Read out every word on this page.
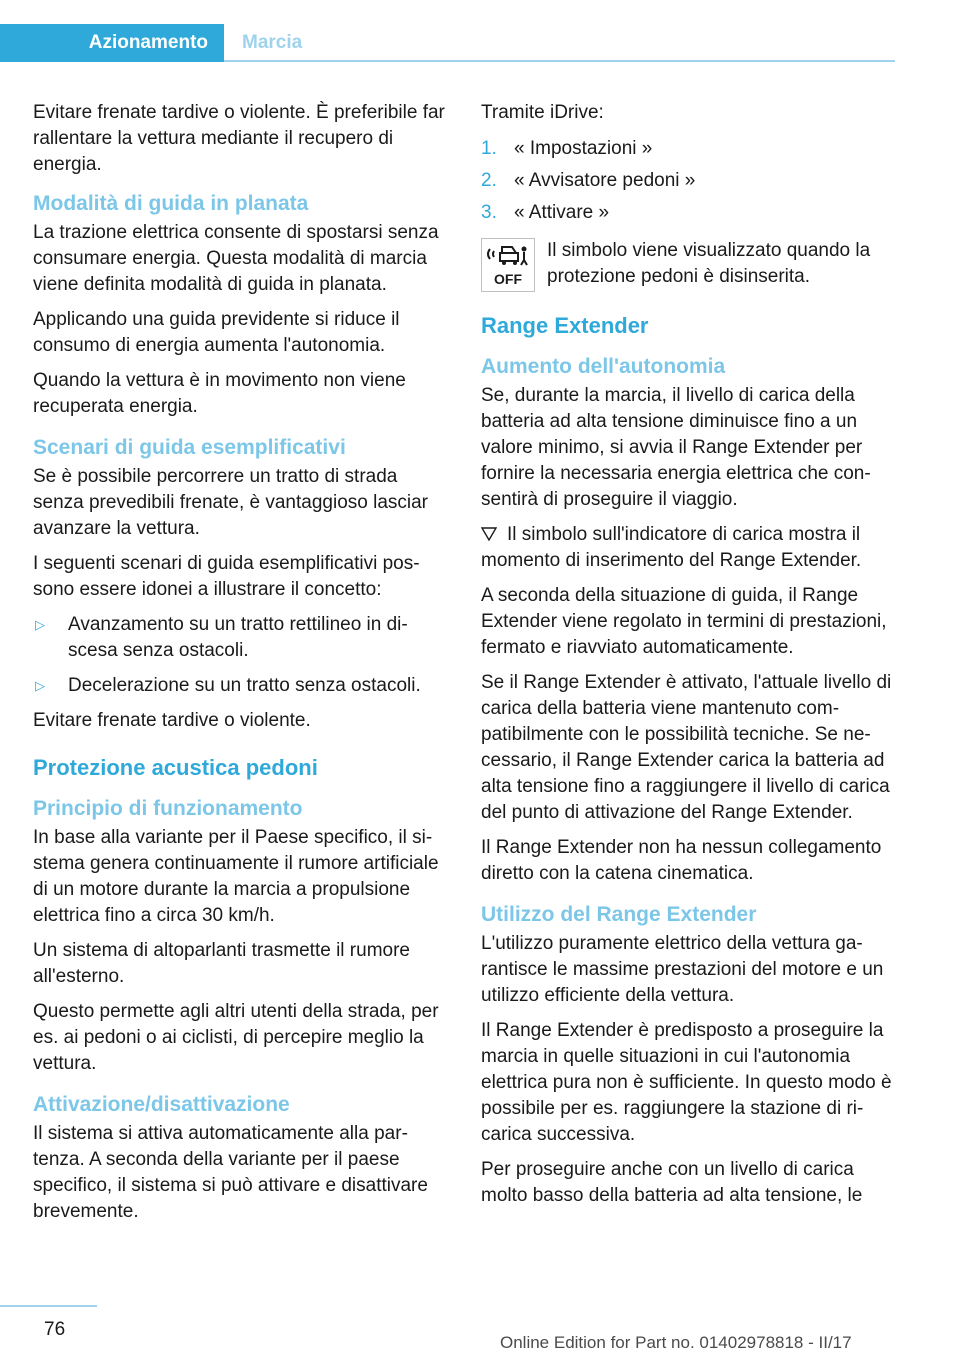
Azionamento	Marcia

Evitare frenate tardive o violente. È preferibile far rallentare la vettura mediante il recupero di energia.

Modalità di guida in planata

La trazione elettrica consente di spostarsi senza consumare energia. Questa modalità di marcia viene definita modalità di guida in planata.

Applicando una guida previdente si riduce il consumo di energia aumenta l'autonomia.

Quando la vettura è in movimento non viene recuperata energia.

Scenari di guida esemplificativi

Se è possibile percorrere un tratto di strada senza prevedibili frenate, è vantaggioso lasciar avanzare la vettura.

I seguenti scenari di guida esemplificativi possono essere idonei a illustrare il concetto:

▷	Avanzamento su un tratto rettilineo in discesa senza ostacoli.
▷	Decelerazione su un tratto senza ostacoli.

Evitare frenate tardive o violente.

Protezione acustica pedoni
Principio di funzionamento

In base alla variante per il Paese specifico, il sistema genera continuamente il rumore artificiale di un motore durante la marcia a propulsione elettrica fino a circa 30 km/h.

Un sistema di altoparlanti trasmette il rumore all'esterno.

Questo permette agli altri utenti della strada, per es. ai pedoni o ai ciclisti, di percepire meglio la vettura.

Attivazione/disattivazione

Il sistema si attiva automaticamente alla partenza. A seconda della variante per il paese specifico, il sistema si può attivare e disattivare brevemente.

Tramite iDrive:

1. « Impostazioni »
2. « Avvisatore pedoni »
3. « Attivare »
OFF
Il simbolo viene visualizzato quando la protezione pedoni è disinserita.
Range Extender
Aumento dell'autonomia

Se, durante la marcia, il livello di carica della batteria ad alta tensione diminuisce fino a un valore minimo, si avvia il Range Extender per fornire la necessaria energia elettrica che consentirà di proseguire il viaggio.

Il simbolo sull'indicatore di carica mostra il momento di inserimento del Range Extender.

A seconda della situazione di guida, il Range Extender viene regolato in termini di prestazioni, fermato e riavviato automaticamente.

Se il Range Extender è attivato, l'attuale livello di carica della batteria viene mantenuto compatibilmente con le possibilità tecniche. Se necessario, il Range Extender carica la batteria ad alta tensione fino a raggiungere il livello di carica del punto di attivazione del Range Extender.

Il Range Extender non ha nessun collegamento diretto con la catena cinematica.

Utilizzo del Range Extender

L'utilizzo puramente elettrico della vettura garantisce le massime prestazioni del motore e un utilizzo efficiente della vettura.

Il Range Extender è predisposto a proseguire la marcia in quelle situazioni in cui l'autonomia elettrica pura non è sufficiente. In questo modo è possibile per es. raggiungere la stazione di ricarica successiva.

Per proseguire anche con un livello di carica molto basso della batteria ad alta tensione, le

76
Online Edition for Part no. 01402978818 - II/17
